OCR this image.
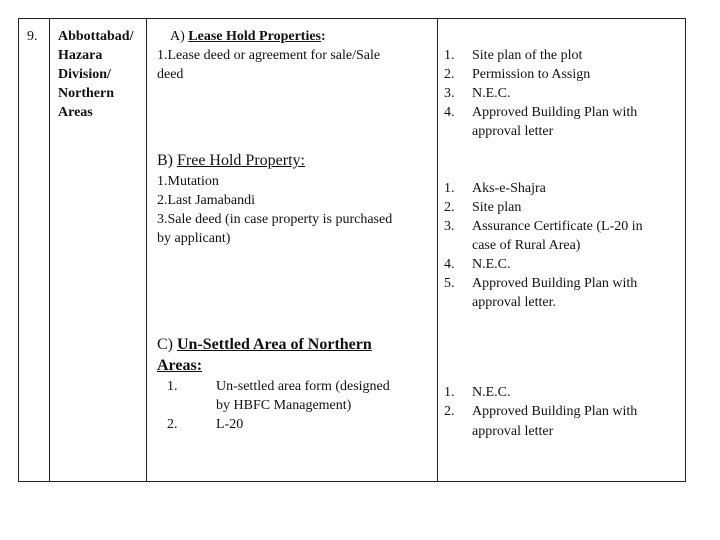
9. Abbottabad/
Hazara
Division/
Northern
Areas
A) Lease Hold Properties:
1.Lease deed or agreement for sale/Sale
deed
1. Site plan of the plot
2. Permission to Assign
3. N.E.C.
4. Approved Building Plan with
approval letter
B) Free Hold Property:
1.Mutation
2.Last Jamabandi
3.Sale deed (in case property is purchased
by applicant)
1. Aks-e-Shajra
2. Site plan
3. Assurance Certificate (L-20 in
case of Rural Area)
4. N.E.C.
5. Approved Building Plan with
approval letter.
C) Un-Settled Area of Northern
Areas:
1.	Un-settled area form (designed
by HBFC Management)
2.	L-20
1. N.E.C.
2. Approved Building Plan with
approval letter
